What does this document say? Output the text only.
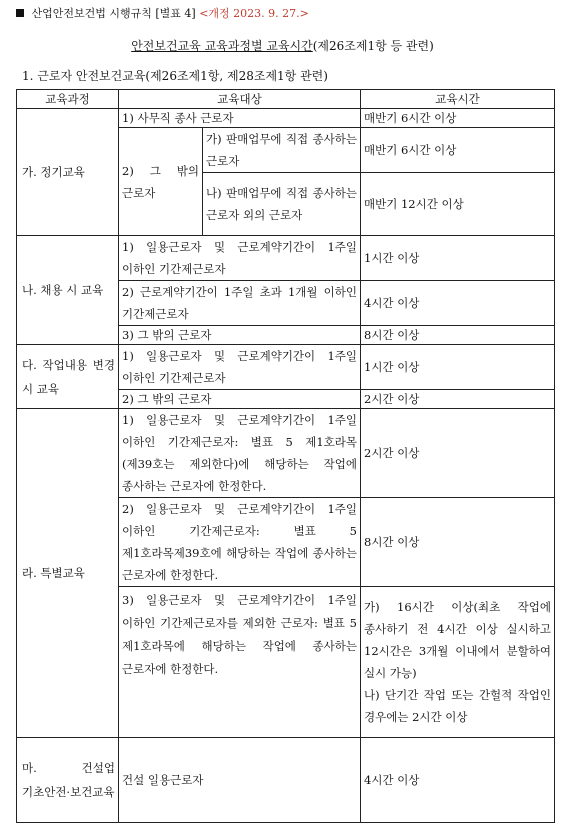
산업안전보건법 시행규칙 [별표 4] <개정 2023. 9. 27.>
안전보건교육 교육과정별 교육시간(제26조제1항 등 관련)
1. 근로자 안전보건교육(제26조제1항, 제28조제1항 관련)
교육과정	교육대상		교육시간
가. 정기교육	1) 사무직 종사 근로자		매반기 6시간 이상
	2) 그 밖의 근로자	가) 판매업무에 직접 종사하는 근로자	매반기 6시간 이상
		나) 판매업무에 직접 종사하는 근로자 외의 근로자	매반기 12시간 이상

나. 채용 시 교육	1) 일용근로자 및 근로계약기간이 1주일 이하인 기간제근로자		1시간 이상
	2) 근로계약기간이 1주일 초과 1개월 이하인 기간제근로자		4시간 이상
	3) 그 밖의 근로자		8시간 이상
다. 작업내용 변경 시 교육	1) 일용근로자 및 근로계약기간이 1주일 이하인 기간제근로자		1시간 이상
	2) 그 밖의 근로자		2시간 이상
라. 특별교육	1) 일용근로자 및 근로계약기간이 1주일 이하인 기간제근로자: 별표 5 제1호라목(제39호는 제외한다)에 해당하는 작업에 종사하는 근로자에 한정한다.		2시간 이상
	2) 일용근로자 및 근로계약기간이 1주일 이하인 기간제근로자: 별표 5 제1호라목제39호에 해당하는 작업에 종사하는 근로자에 한정한다.		8시간 이상
	3) 일용근로자 및 근로계약기간이 1주일 이하인 기간제근로자를 제외한 근로자: 별표 5 제1호라목에 해당하는 작업에 종사하는 근로자에 한정한다.		가) 16시간 이상(최초 작업에 종사하기 전 4시간 이상 실시하고 12시간은 3개월 이내에서 분할하여 실시 가능)
나) 단기간 작업 또는 간헐적 작업인 경우에는 2시간 이상

마. 건설업 기초안전·보건교육	건설 일용근로자		4시간 이상
